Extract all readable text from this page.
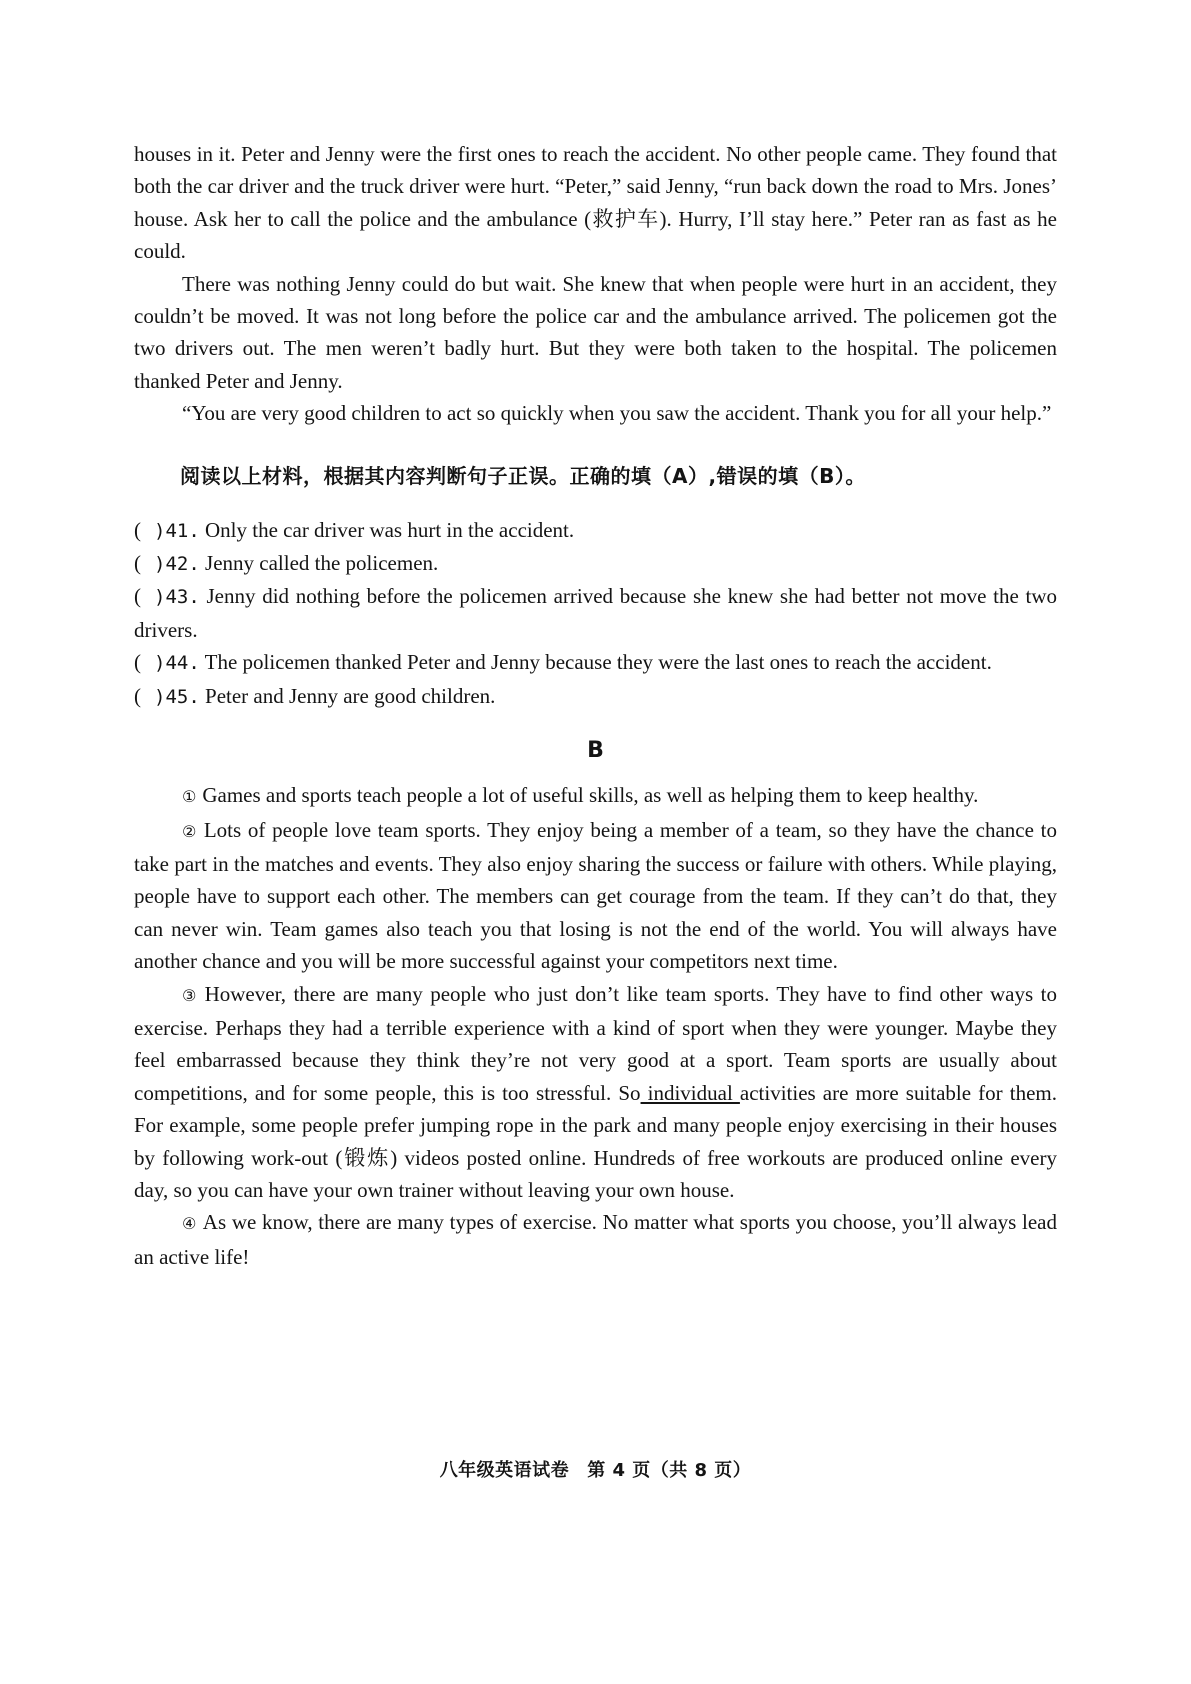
houses in it. Peter and Jenny were the first ones to reach the accident. No other people came. They found that both the car driver and the truck driver were hurt. “Peter,” said Jenny, “run back down the road to Mrs. Jones’ house. Ask her to call the police and the ambulance (救护车). Hurry, I’ll stay here.” Peter ran as fast as he could.

There was nothing Jenny could do but wait. She knew that when people were hurt in an accident, they couldn’t be moved. It was not long before the police car and the ambulance arrived. The policemen got the two drivers out. The men weren’t badly hurt. But they were both taken to the hospital. The policemen thanked Peter and Jenny.

“You are very good children to act so quickly when you saw the accident. Thank you for all your help.”

阅读以上材料，根据其内容判断句子正误。正确的填（A）,错误的填（B）。

( )41. Only the car driver was hurt in the accident.

( )42. Jenny called the policemen.

( )43. Jenny did nothing before the policemen arrived because she knew she had better not move the two drivers.

( )44. The policemen thanked Peter and Jenny because they were the last ones to reach the accident.

( )45. Peter and Jenny are good children.

B

① Games and sports teach people a lot of useful skills, as well as helping them to keep healthy.

② Lots of people love team sports. They enjoy being a member of a team, so they have the chance to take part in the matches and events. They also enjoy sharing the success or failure with others. While playing, people have to support each other. The members can get courage from the team. If they can’t do that, they can never win. Team games also teach you that losing is not the end of the world. You will always have another chance and you will be more successful against your competitors next time.

③ However, there are many people who just don’t like team sports. They have to find other ways to exercise. Perhaps they had a terrible experience with a kind of sport when they were younger. Maybe they feel embarrassed because they think they’re not very good at a sport. Team sports are usually about competitions, and for some people, this is too stressful. So individual activities are more suitable for them. For example, some people prefer jumping rope in the park and many people enjoy exercising in their houses by following work-out (锻炼) videos posted online. Hundreds of free workouts are produced online every day, so you can have your own trainer without leaving your own house.

④ As we know, there are many types of exercise. No matter what sports you choose, you’ll always lead an active life!

八年级英语试卷 第 4 页（共 8 页）
